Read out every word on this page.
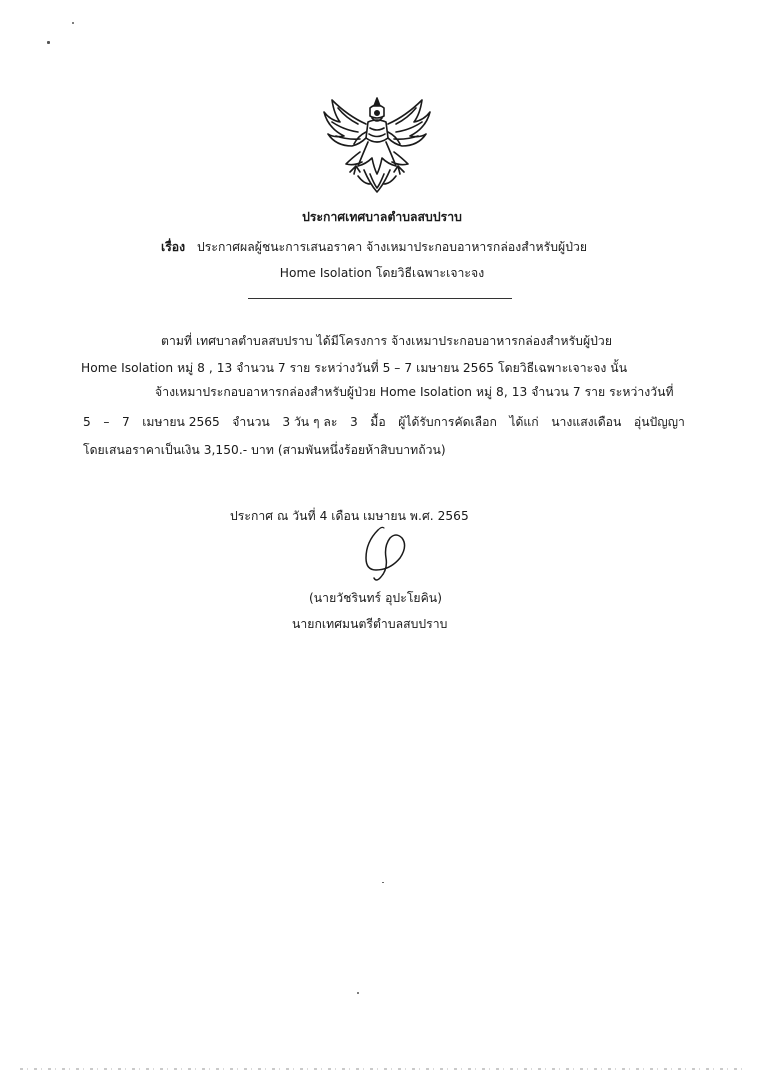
ประกาศเทศบาลตำบลสบปราบ
เรื่อง ประกาศผลผู้ชนะการเสนอราคา จ้างเหมาประกอบอาหารกล่องสำหรับผู้ป่วย
Home Isolation โดยวิธีเฉพาะเจาะจง
ตามที่ เทศบาลตำบลสบปราบ ได้มีโครงการ จ้างเหมาประกอบอาหารกล่องสำหรับผู้ป่วย
Home Isolation หมู่ 8 , 13 จำนวน 7 ราย ระหว่างวันที่ 5 – 7 เมษายน 2565 โดยวิธีเฉพาะเจาะจง นั้น
จ้างเหมาประกอบอาหารกล่องสำหรับผู้ป่วย Home Isolation หมู่ 8, 13 จำนวน 7 ราย ระหว่างวันที่
5 – 7 เมษายน 2565 จำนวน 3 วัน ๆ ละ 3 มื้อ ผู้ได้รับการคัดเลือก ได้แก่ นางแสงเดือน อุ่นปัญญา
โดยเสนอราคาเป็นเงิน 3,150.- บาท (สามพันหนึ่งร้อยห้าสิบบาทถ้วน)
ประกาศ ณ วันที่ 4 เดือน เมษายน พ.ศ. 2565
(นายวัชรินทร์ อุปะโยคิน)
นายกเทศมนตรีตำบลสบปราบ
